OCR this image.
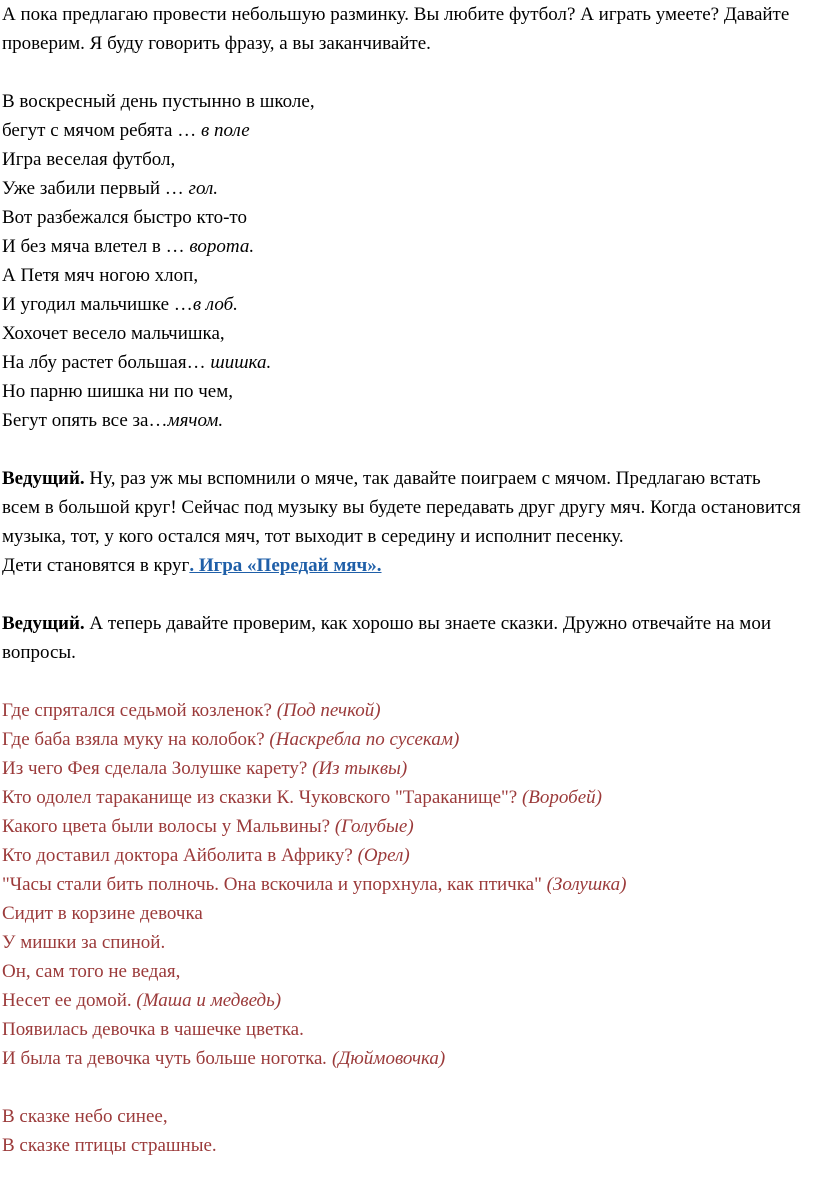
А пока предлагаю провести небольшую разминку. Вы любите футбол? А играть умеете? Давайте проверим. Я буду говорить фразу, а вы заканчивайте.

В воскресный день пустынно в школе,

бегут с мячом ребята … в поле

Игра веселая футбол,

Уже забили первый … гол.

Вот разбежался быстро кто-то

И без мяча влетел в … ворота.

А Петя мяч ногою хлоп,

И угодил мальчишке …в лоб.

Хохочет весело мальчишка,

На лбу растет большая… шишка.

Но парню шишка ни по чем,

Бегут опять все за…мячом.

Ведущий. Ну, раз уж мы вспомнили о мяче, так давайте поиграем с мячом. Предлагаю встать всем в большой круг! Сейчас под музыку вы будете передавать друг другу мяч. Когда остановится музыка, тот, у кого остался мяч, тот выходит в середину и исполнит песенку.

Дети становятся в круг. Игра «Передай мяч».

Ведущий. А теперь давайте проверим, как хорошо вы знаете сказки. Дружно отвечайте на мои вопросы.

Где спрятался седьмой козленок? (Под печкой)

Где баба взяла муку на колобок? (Наскребла по сусекам)

Из чего Фея сделала Золушке карету? (Из тыквы)

Кто одолел тараканище из сказки К. Чуковского "Тараканище"? (Воробей)

Какого цвета были волосы у Мальвины? (Голубые)

Кто доставил доктора Айболита в Африку? (Орел)

"Часы стали бить полночь. Она вскочила и упорхнула, как птичка" (Золушка)

Сидит в корзине девочка

У мишки за спиной.

Он, сам того не ведая,

Несет ее домой. (Маша и медведь)

Появилась девочка в чашечке цветка.

И была та девочка чуть больше ноготка. (Дюймовочка)

В сказке небо синее,

В сказке птицы страшные.
